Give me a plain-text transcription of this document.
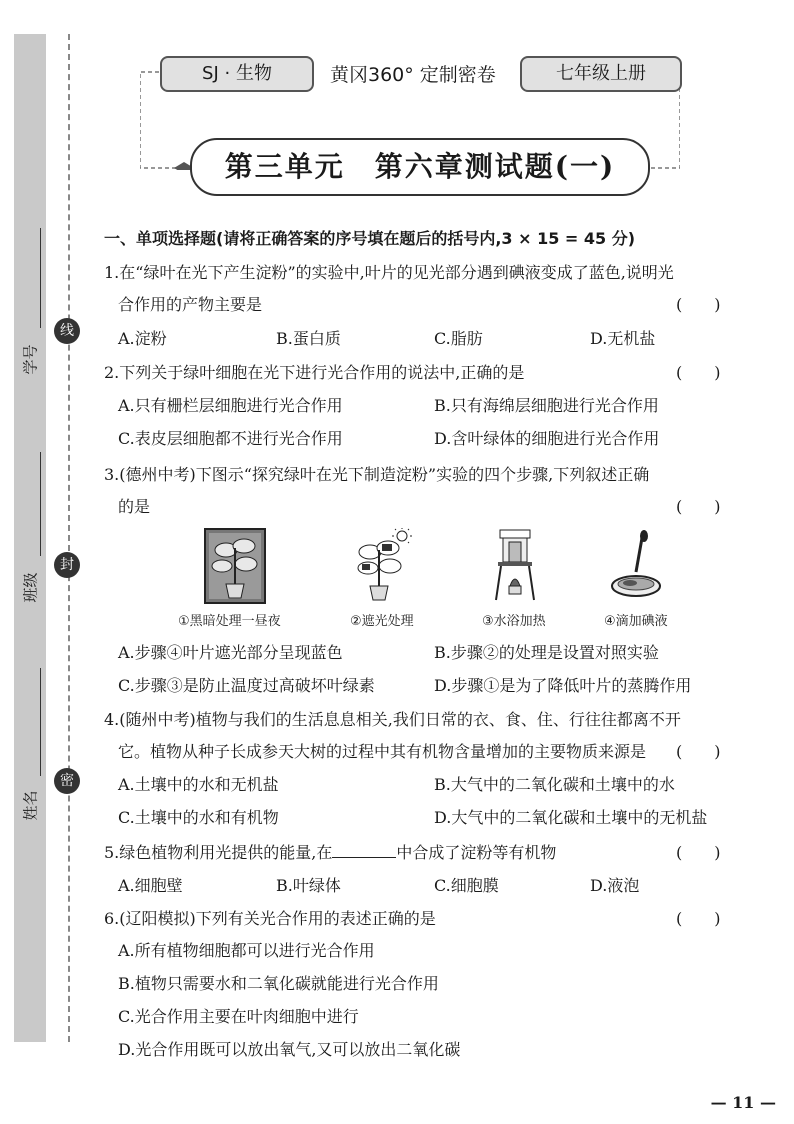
学号
班级
姓名
线
封
密
SJ · 生物	黄冈360° 定制密卷	七年级上册
第三单元　第六章测试题(一)
一、单项选择题(请将正确答案的序号填在题后的括号内,3 × 15 = 45 分)
1.在“绿叶在光下产生淀粉”的实验中,叶片的见光部分遇到碘液变成了蓝色,说明光
合作用的产物主要是	(　　)
A.淀粉	B.蛋白质	C.脂肪	D.无机盐
2.下列关于绿叶细胞在光下进行光合作用的说法中,正确的是	(　　)
A.只有栅栏层细胞进行光合作用	B.只有海绵层细胞进行光合作用
C.表皮层细胞都不进行光合作用	D.含叶绿体的细胞进行光合作用
3.(德州中考)下图示“探究绿叶在光下制造淀粉”实验的四个步骤,下列叙述正确
的是	(　　)
①黑暗处理一昼夜	②遮光处理	③水浴加热	④滴加碘液
A.步骤④叶片遮光部分呈现蓝色	B.步骤②的处理是设置对照实验
C.步骤③是防止温度过高破坏叶绿素	D.步骤①是为了降低叶片的蒸腾作用
4.(随州中考)植物与我们的生活息息相关,我们日常的衣、食、住、行往往都离不开
它。植物从种子长成参天大树的过程中其有机物含量增加的主要物质来源是 (　　)
A.土壤中的水和无机盐	B.大气中的二氧化碳和土壤中的水
C.土壤中的水和有机物	D.大气中的二氧化碳和土壤中的无机盐
5.绿色植物利用光提供的能量,在	中合成了淀粉等有机物	(　　)
A.细胞壁	B.叶绿体	C.细胞膜	D.液泡
6.(辽阳模拟)下列有关光合作用的表述正确的是	(　　)
A.所有植物细胞都可以进行光合作用
B.植物只需要水和二氧化碳就能进行光合作用
C.光合作用主要在叶肉细胞中进行
D.光合作用既可以放出氧气,又可以放出二氧化碳
— 11 —
